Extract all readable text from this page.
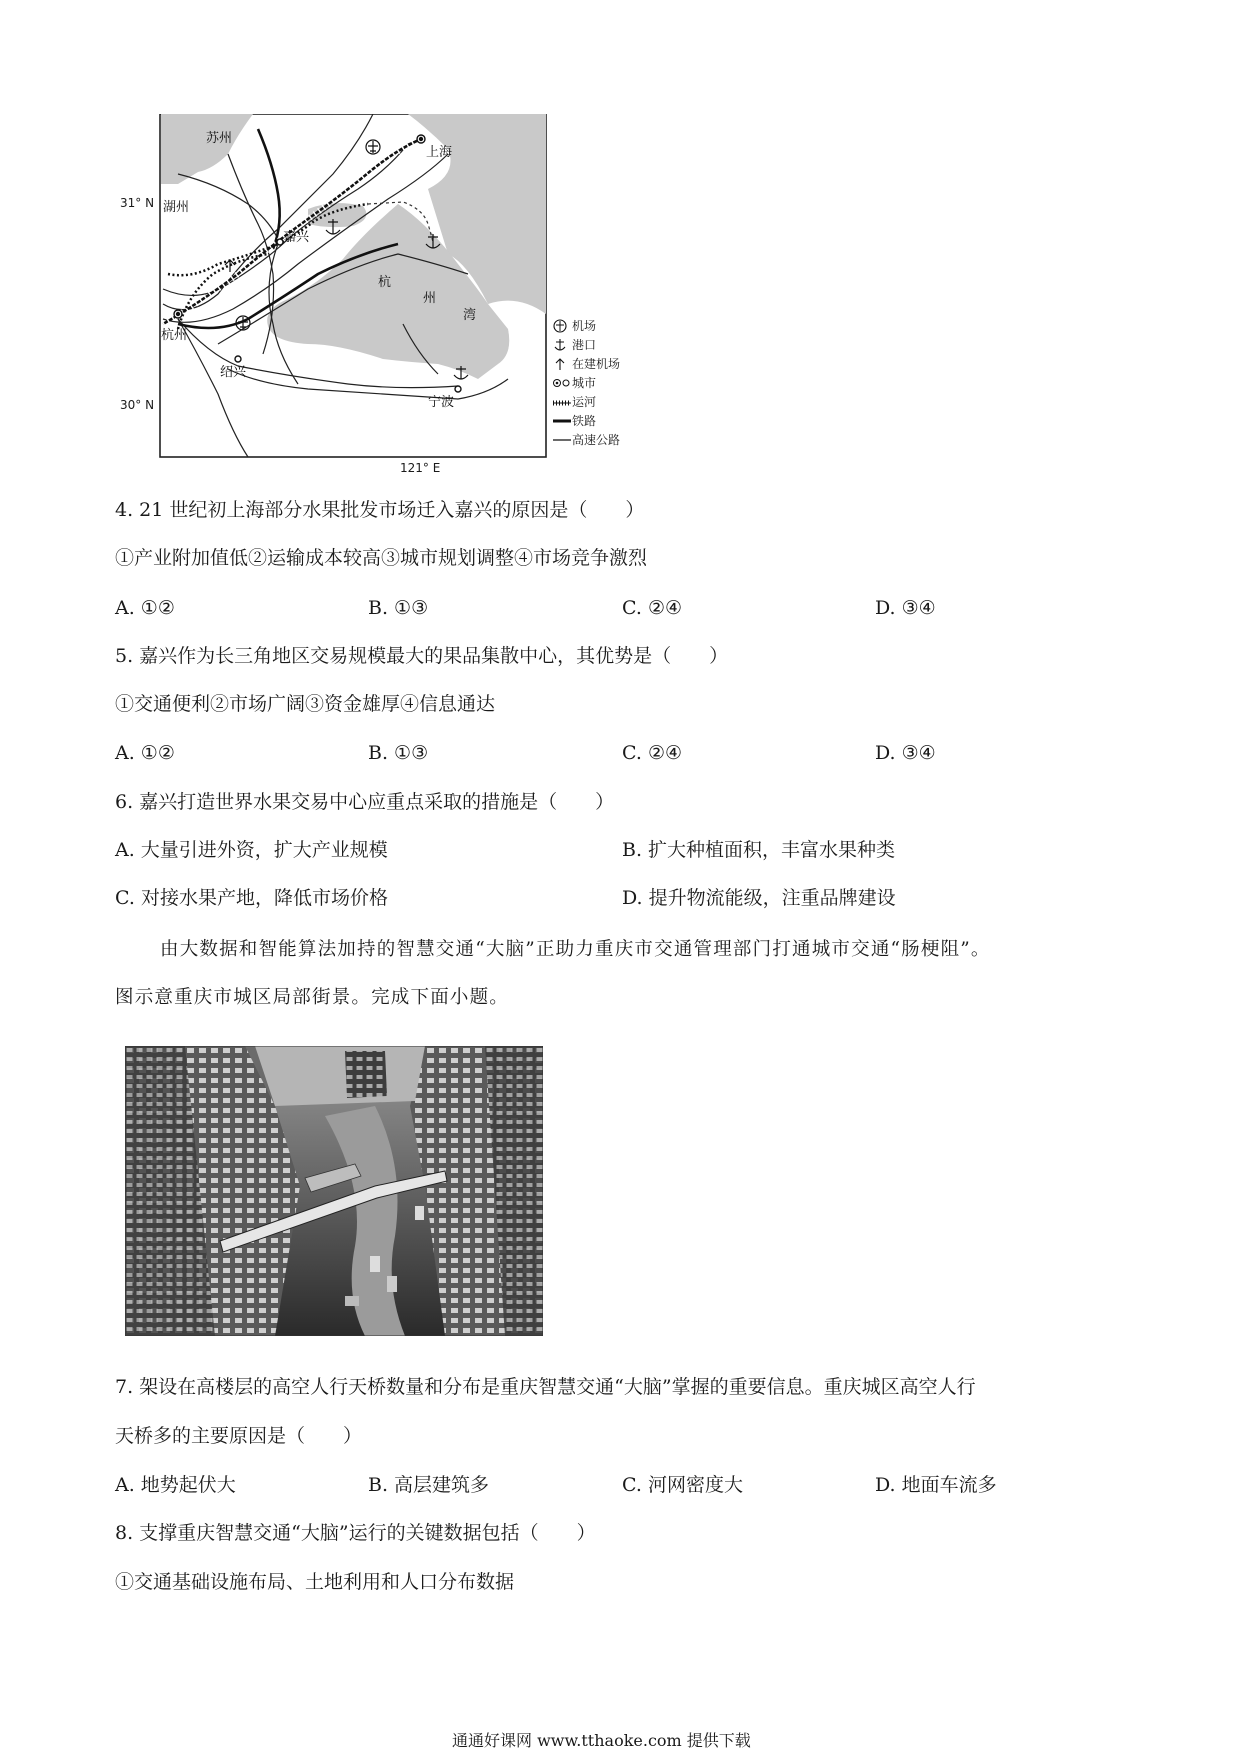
苏州
上海
湖州
嘉兴
杭州
绍兴
宁波
杭
州
湾
31° N
30° N
121° E
机场
港口
在建机场
城市
运河
铁路
高速公路
4. 21 世纪初上海部分水果批发市场迁入嘉兴的原因是（　　）
①产业附加值低②运输成本较高③城市规划调整④市场竞争激烈
A. ①②	B. ①③	C. ②④	D. ③④
5. 嘉兴作为长三角地区交易规模最大的果品集散中心，其优势是（　　）
①交通便利②市场广阔③资金雄厚④信息通达
A. ①②	B. ①③	C. ②④	D. ③④
6. 嘉兴打造世界水果交易中心应重点采取的措施是（　　）
A. 大量引进外资，扩大产业规模	B. 扩大种植面积，丰富水果种类
C. 对接水果产地，降低市场价格	D. 提升物流能级，注重品牌建设
由大数据和智能算法加持的智慧交通“大脑”正助力重庆市交通管理部门打通城市交通“肠梗阻”。
图示意重庆市城区局部街景。完成下面小题。
7. 架设在高楼层的高空人行天桥数量和分布是重庆智慧交通“大脑”掌握的重要信息。重庆城区高空人行
天桥多的主要原因是（　　）
A. 地势起伏大	B. 高层建筑多	C. 河网密度大	D. 地面车流多
8. 支撑重庆智慧交通“大脑”运行的关键数据包括（　　）
①交通基础设施布局、土地利用和人口分布数据
通通好课网 www.tthaoke.com 提供下载
